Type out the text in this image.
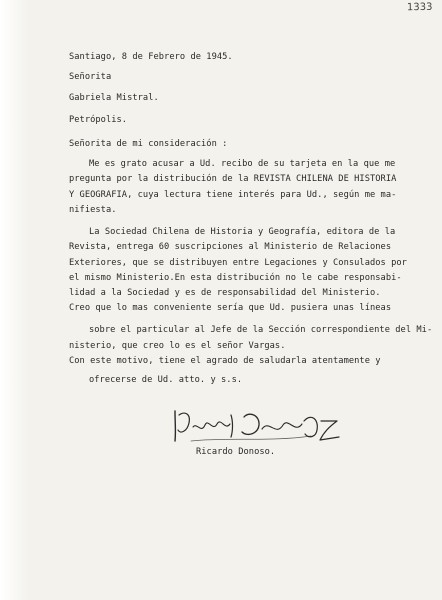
1333
Santiago, 8 de Febrero de 1945.
Señorita
Gabriela Mistral.
Petrópolis.
Señorita de mi consideración :
Me es grato acusar a Ud. recibo de su tarjeta en la que me
pregunta por la distribución de la REVISTA CHILENA DE HISTORIA
Y GEOGRAFIA, cuya lectura tiene interés para Ud., según me ma-
nifiesta.
La Sociedad Chilena de Historia y Geografía, editora de la
Revista, entrega 60 suscripciones al Ministerio de Relaciones
Exteriores, que se distribuyen entre Legaciones y Consulados por
el mismo Ministerio.En esta distribución no le cabe responsabi-
lidad a la Sociedad y es de responsabilidad del Ministerio.
Creo que lo mas conveniente sería que Ud. pusiera unas líneas
sobre el particular al Jefe de la Sección correspondiente del Mi-
nisterio, que creo lo es el señor Vargas.
Con este motivo, tiene el agrado de saludarla atentamente y
ofrecerse de Ud. atto. y s.s.
Ricardo Donoso.
